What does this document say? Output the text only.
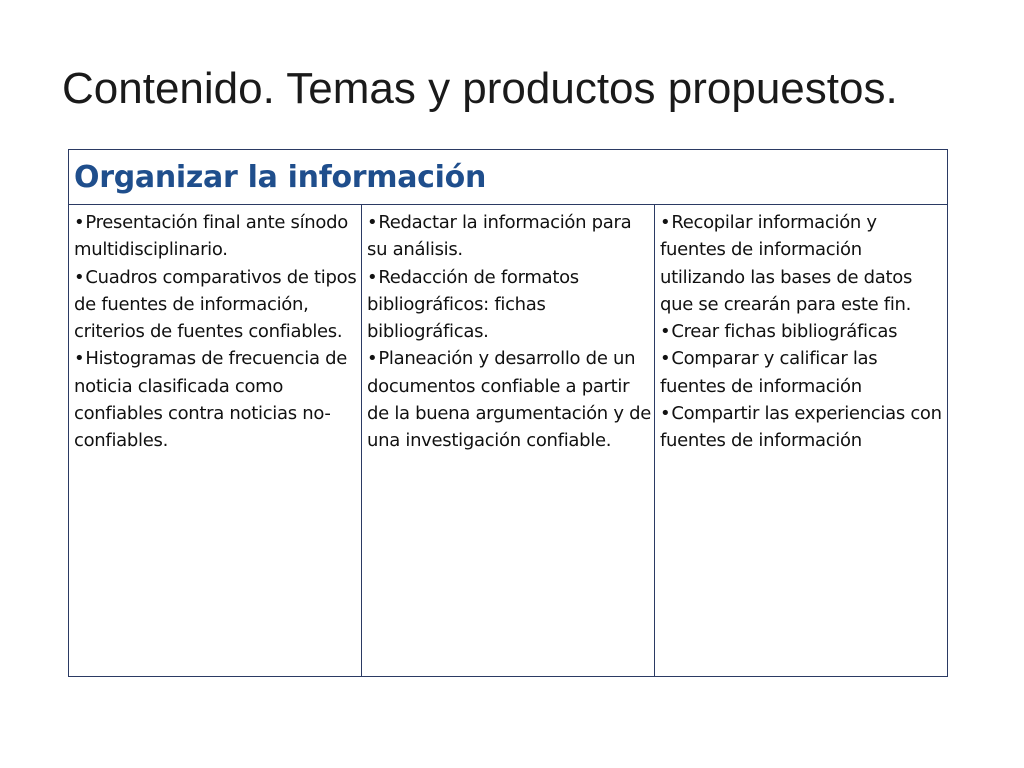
Contenido. Temas y productos propuestos.
Organizar la información

•Presentación final ante sínodo multidisciplinario.
•Cuadros comparativos de tipos de fuentes de información, criterios de fuentes confiables.
•Histogramas de frecuencia de noticia clasificada como confiables contra noticias no-confiables.

•Redactar la información para su análisis.
•Redacción de formatos bibliográficos: fichas bibliográficas.
•Planeación y desarrollo de un documentos confiable a partir de la buena argumentación y de una investigación confiable.

•Recopilar información y fuentes de información utilizando las bases de datos que se crearán para este fin.
•Crear fichas bibliográficas
•Comparar y calificar las fuentes de información
•Compartir las experiencias con fuentes de información
